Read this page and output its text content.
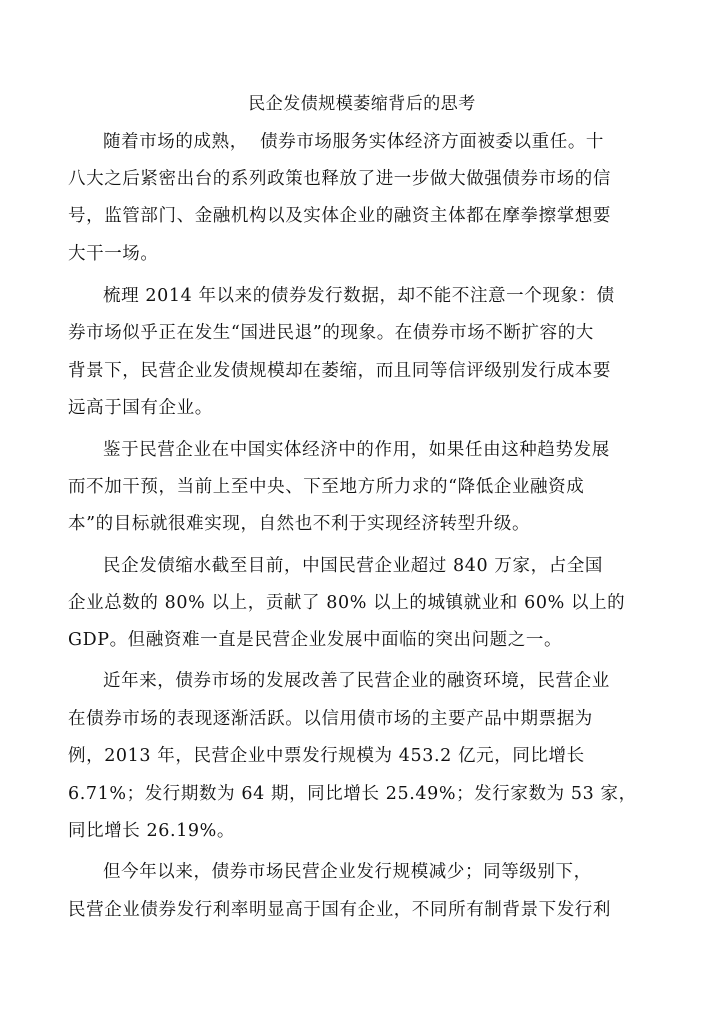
民企发债规模萎缩背后的思考
随着市场的成熟，  债券市场服务实体经济方面被委以重任。十
八大之后紧密出台的系列政策也释放了进一步做大做强债券市场的信
号，监管部门、金融机构以及实体企业的融资主体都在摩拳擦掌想要
大干一场。
梳理 2014 年以来的债券发行数据，却不能不注意一个现象：债
券市场似乎正在发生“国进民退”的现象。在债券市场不断扩容的大
背景下，民营企业发债规模却在萎缩，而且同等信评级别发行成本要
远高于国有企业。
鉴于民营企业在中国实体经济中的作用，如果任由这种趋势发展
而不加干预，当前上至中央、下至地方所力求的“降低企业融资成
本”的目标就很难实现，自然也不利于实现经济转型升级。
民企发债缩水截至目前，中国民营企业超过 840 万家，占全国
企业总数的 80% 以上，贡献了 80% 以上的城镇就业和 60% 以上的
GDP。但融资难一直是民营企业发展中面临的突出问题之一。
近年来，债券市场的发展改善了民营企业的融资环境，民营企业
在债券市场的表现逐渐活跃。以信用债市场的主要产品中期票据为
例，2013 年，民营企业中票发行规模为 453.2 亿元，同比增长
6.71%；发行期数为 64 期，同比增长 25.49%；发行家数为 53 家，
同比增长 26.19%。
但今年以来，债券市场民营企业发行规模减少；同等级别下，
民营企业债券发行利率明显高于国有企业，不同所有制背景下发行利
